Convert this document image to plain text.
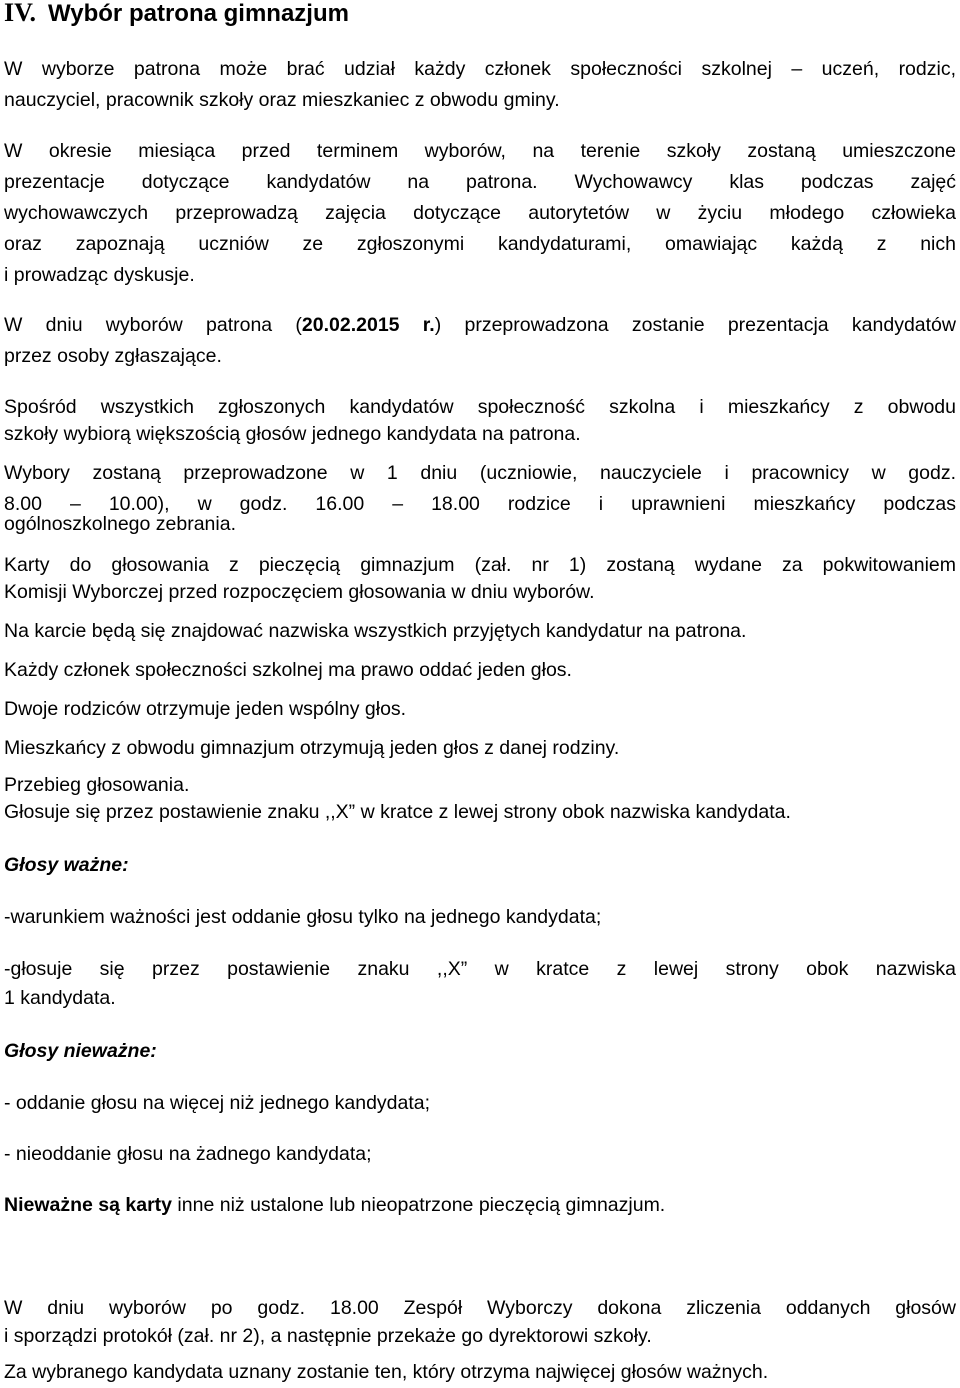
IV. Wybór patrona gimnazjum
W wyborze patrona może brać udział każdy członek społeczności szkolnej – uczeń, rodzic,
nauczyciel, pracownik szkoły oraz mieszkaniec z obwodu gminy.
W okresie miesiąca przed terminem wyborów, na terenie szkoły zostaną umieszczone
prezentacje dotyczące kandydatów na patrona. Wychowawcy klas podczas zajęć
wychowawczych przeprowadzą zajęcia dotyczące autorytetów w życiu młodego człowieka
oraz zapoznają uczniów ze zgłoszonymi kandydaturami, omawiając każdą z nich
i prowadząc dyskusje.
W dniu wyborów patrona (20.02.2015 r.) przeprowadzona zostanie prezentacja kandydatów
przez osoby zgłaszające.
Spośród wszystkich zgłoszonych kandydatów społeczność szkolna i mieszkańcy z obwodu
szkoły wybiorą większością głosów jednego kandydata na patrona.
Wybory zostaną przeprowadzone w 1 dniu (uczniowie, nauczyciele i pracownicy w godz.
8.00 – 10.00), w godz. 16.00 – 18.00 rodzice i uprawnieni mieszkańcy podczas
ogólnoszkolnego zebrania.
Karty do głosowania z pieczęcią gimnazjum (zał. nr 1) zostaną wydane za pokwitowaniem
Komisji Wyborczej przed rozpoczęciem głosowania w dniu wyborów.
Na karcie będą się znajdować nazwiska wszystkich przyjętych kandydatur na patrona.
Każdy członek społeczności szkolnej ma prawo oddać jeden głos.
Dwoje rodziców otrzymuje jeden wspólny głos.
Mieszkańcy z obwodu gimnazjum otrzymują jeden głos z danej rodziny.
Przebieg głosowania.
Głosuje się przez postawienie znaku ,,X” w kratce z lewej strony obok nazwiska kandydata.
Głosy ważne:
-warunkiem ważności jest oddanie głosu tylko na jednego kandydata;
-głosuje się przez postawienie znaku ,,X” w kratce z lewej strony obok nazwiska
1 kandydata.
Głosy nieważne:
- oddanie głosu na więcej niż jednego kandydata;
- nieoddanie głosu na żadnego kandydata;
Nieważne są karty inne niż ustalone lub nieopatrzone pieczęcią gimnazjum.
W dniu wyborów po godz. 18.00 Zespół Wyborczy dokona zliczenia oddanych głosów
i sporządzi protokół (zał. nr 2), a następnie przekaże go dyrektorowi szkoły.
Za wybranego kandydata uznany zostanie ten, który otrzyma najwięcej głosów ważnych.
